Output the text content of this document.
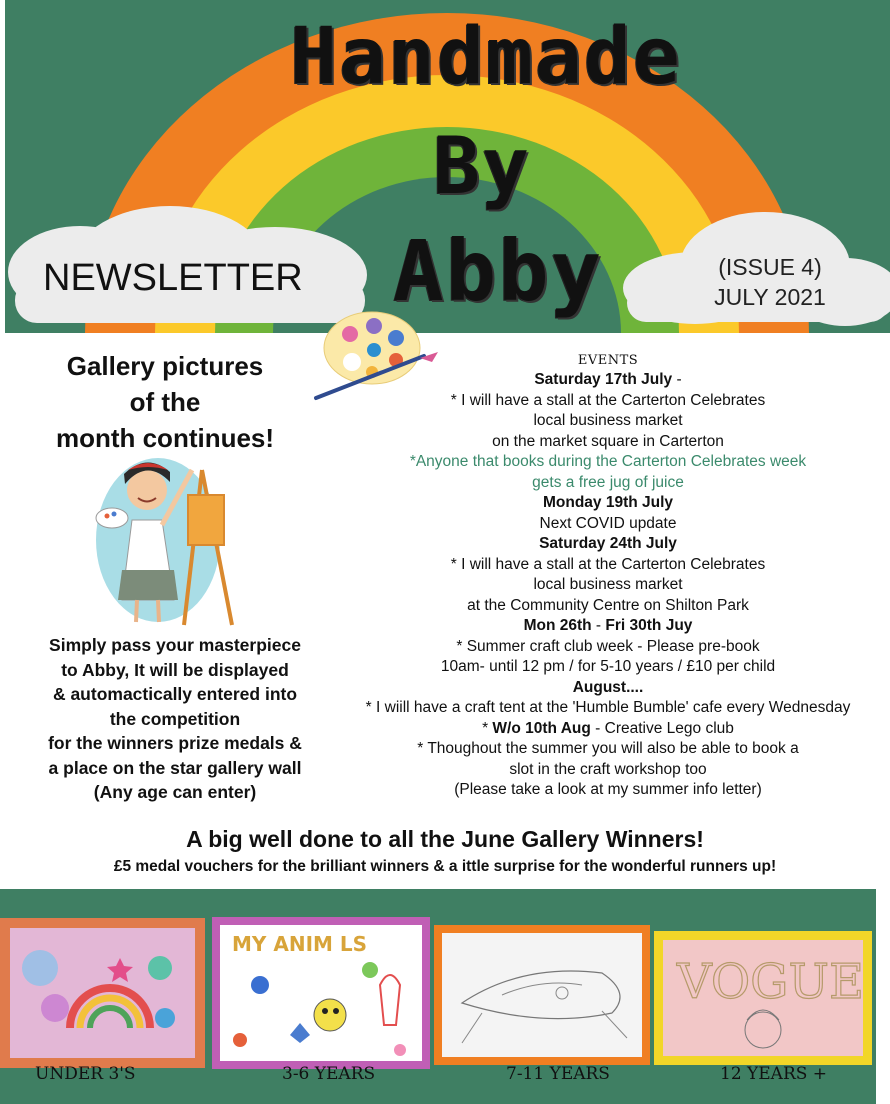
Handmade
By
Abby
NEWSLETTER	(ISSUE 4)
JULY 2021
Gallery pictures
of the
month continues!
Simply pass your masterpiece
to Abby, It will be displayed
& automactically entered into
the competition
for the winners prize medals &
a place on the star gallery wall
(Any age can enter)
EVENTS
Saturday 17th July -
* I will have a stall at the Carterton Celebrates
local business market
on the market square in Carterton
*Anyone that books during the Carterton Celebrates week
gets a free jug of juice
Monday 19th July
Next COVID update
Saturday 24th July
* I will have a stall at the Carterton Celebrates
local business market
at the Community Centre on Shilton Park
Mon 26th - Fri 30th Juy
* Summer craft club week - Please pre-book
10am- until 12 pm / for 5-10 years / £10 per child
August....
* I wiill have a craft tent at the 'Humble Bumble' cafe every Wednesday
* W/o 10th Aug - Creative Lego club
* Thoughout the summer you will also be able to book a
slot in the craft workshop too
(Please take a look at my summer info letter)
A big well done to all the June Gallery Winners!
£5 medal vouchers for the brilliant winners & a ittle surprise for the wonderful runners up!
MY ANIM LS
VOGUE
UNDER 3'S	3-6 YEARS	7-11 YEARS	12 YEARS +
